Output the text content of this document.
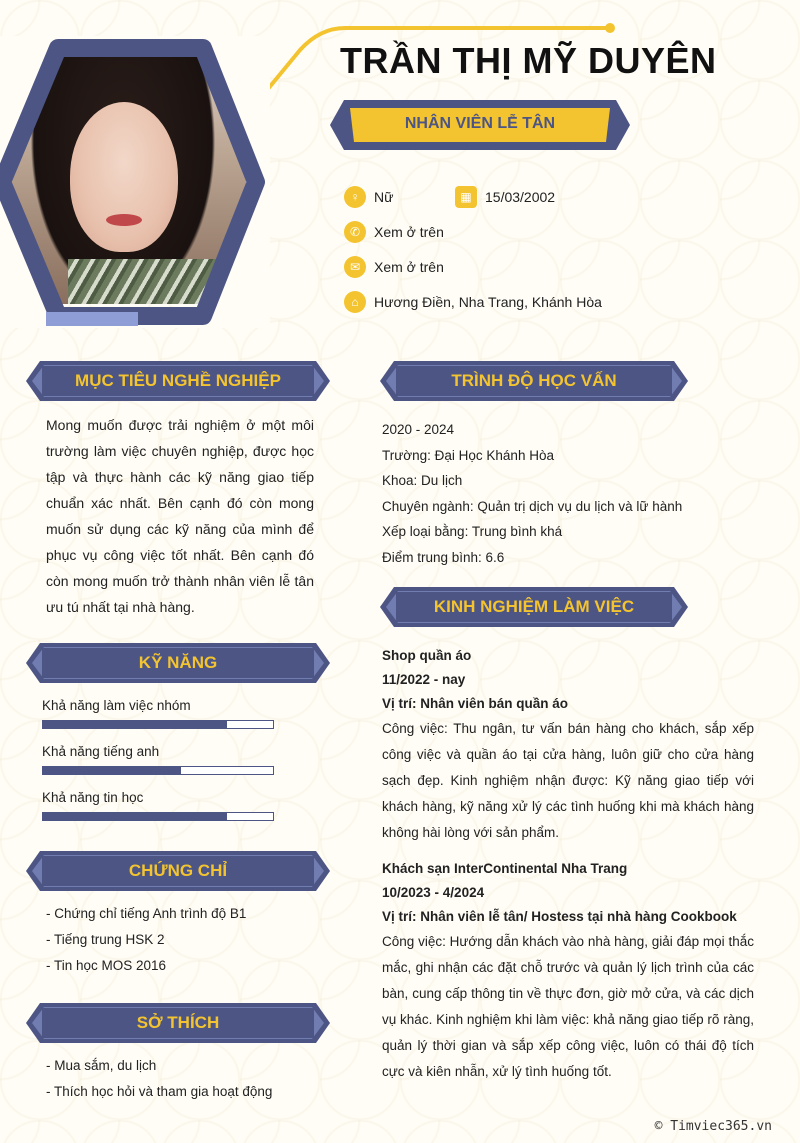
TRẦN THỊ MỸ DUYÊN
NHÂN VIÊN LỄ TÂN
♀	Nữ	▦ 15/03/2002
✆ Xem ở trên
✉ Xem ở trên
⌂	Hương Điền, Nha Trang, Khánh Hòa
MỤC TIÊU NGHỀ NGHIỆP
Mong muốn được trải nghiệm ở một môi trường làm việc chuyên nghiệp, được học tập và thực hành các kỹ năng giao tiếp chuẩn xác nhất. Bên cạnh đó còn mong muốn sử dụng các kỹ năng của mình để phục vụ công việc tốt nhất. Bên cạnh đó còn mong muốn trở thành nhân viên lễ tân ưu tú nhất tại nhà hàng.
KỸ NĂNG
Khả năng làm việc nhóm
Khả năng tiếng anh
Khả năng tin học
CHỨNG CHỈ
- Chứng chỉ tiếng Anh trình độ B1
- Tiếng trung HSK 2
- Tin học MOS 2016
SỞ THÍCH
- Mua sắm, du lịch
- Thích học hỏi và tham gia hoạt động
TRÌNH ĐỘ HỌC VẤN
2020 - 2024
Trường: Đại Học Khánh Hòa
Khoa: Du lịch
Chuyên ngành: Quản trị dịch vụ du lịch và lữ hành
Xếp loại bằng: Trung bình khá
Điểm trung bình: 6.6
KINH NGHIỆM LÀM VIỆC
Shop quần áo
11/2022 - nay
Vị trí: Nhân viên bán quần áo
Công việc: Thu ngân, tư vấn bán hàng cho khách, sắp xếp công việc và quần áo tại cửa hàng, luôn giữ cho cửa hàng sạch đẹp. Kinh nghiệm nhận được: Kỹ năng giao tiếp với khách hàng, kỹ năng xử lý các tình huống khi mà khách hàng không hài lòng với sản phẩm.
Khách sạn InterContinental Nha Trang
10/2023 - 4/2024
Vị trí: Nhân viên lễ tân/ Hostess tại nhà hàng Cookbook
Công việc: Hướng dẫn khách vào nhà hàng, giải đáp mọi thắc mắc, ghi nhận các đặt chỗ trước và quản lý lịch trình của các bàn, cung cấp thông tin về thực đơn, giờ mở cửa, và các dịch vụ khác. Kinh nghiệm khi làm việc: khả năng giao tiếp rõ ràng, quản lý thời gian và sắp xếp công việc, luôn có thái độ tích cực và kiên nhẫn, xử lý tình huống tốt.
© Timviec365.vn
